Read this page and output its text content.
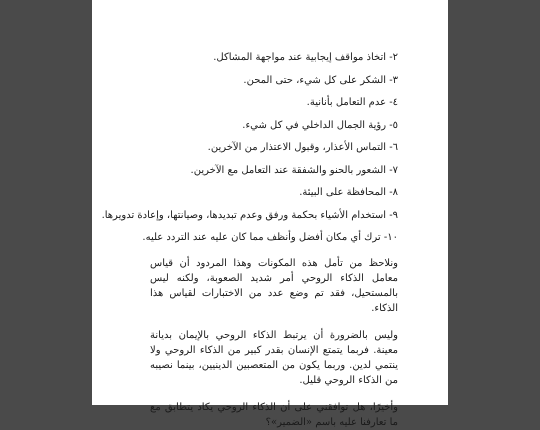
٢- اتخاذ مواقف إيجابية عند مواجهة المشاكل.
٣- الشكر على كل شيء، حتى المحن.
٤- عدم التعامل بأنانية.
٥- رؤية الجمال الداخلي في كل شيء.
٦- التماس الأعذار، وقبول الاعتذار من الآخرين.
٧- الشعور بالحنو والشفقة عند التعامل مع الآخرين.
٨- المحافظة على البيئة.
٩- استخدام الأشياء بحكمة ورفق وعدم تبديدها، وصيانتها، وإعادة تدويرها.
١٠- ترك أي مكان أفضل وأنظف مما كان عليه عند التردد عليه.

ونلاحظ من تأمل هذه المكونات وهذا المردود أن قياس معامل الذكاء الروحي أمر شديد الصعوبة، ولكنه ليس بالمستحيل، فقد تم وضع عدد من الاختبارات لقياس هذا الذكاء.

وليس بالضرورة أن يرتبط الذكاء الروحي بالإيمان بديانة معينة. فربما يتمتع الإنسان بقدر كبير من الذكاء الروحي ولا ينتمي لدين. وربما يكون من المتعصبين الدينيين، بينما نصيبه من الذكاء الروحي قليل.

وأخيرًا، هل توافقني على أن الذكاء الروحي يكاد يتطابق مع ما تعارفنا عليه باسم «الضمير»؟
